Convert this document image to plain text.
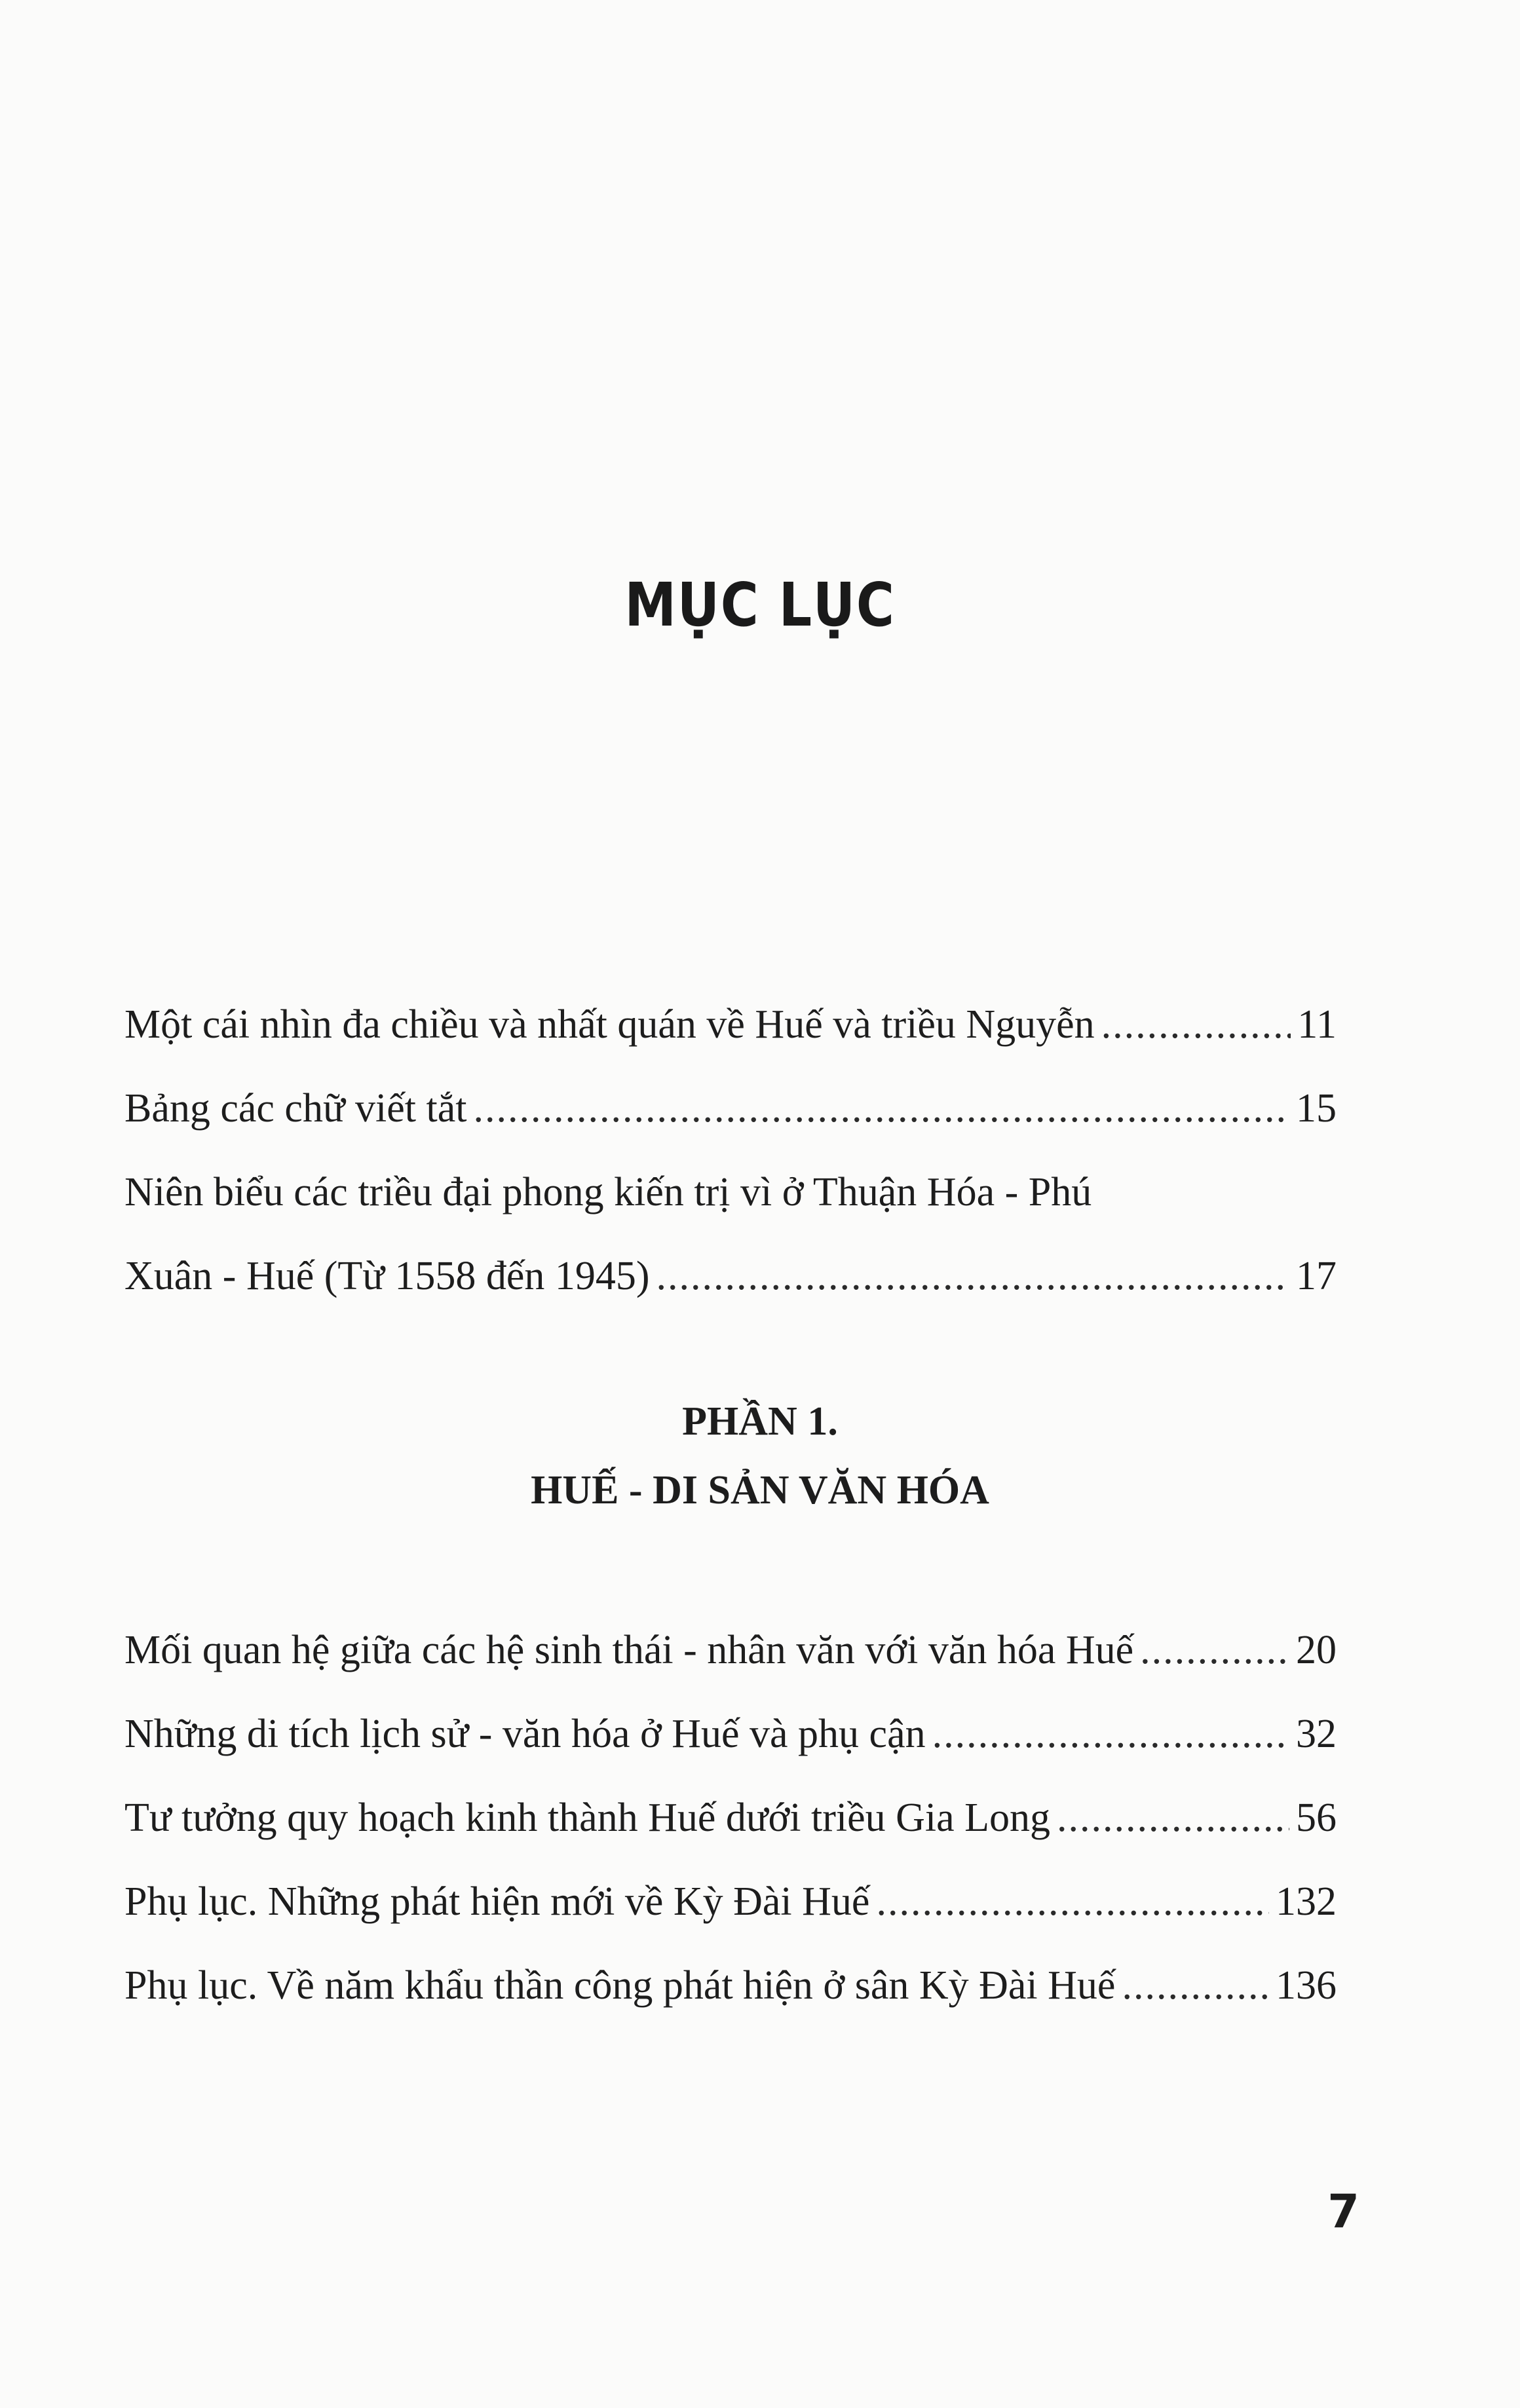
MỤC LỤC
Một cái nhìn đa chiều và nhất quán về Huế và triều Nguyễn .....	11
Bảng các chữ viết tắt .....	15
Niên biểu các triều đại phong kiến trị vì ở Thuận Hóa - Phú
Xuân - Huế (Từ 1558 đến 1945) .....	17
PHẦN 1.
HUẾ - DI SẢN VĂN HÓA
Mối quan hệ giữa các hệ sinh thái - nhân văn với văn hóa Huế .....	20
Những di tích lịch sử - văn hóa ở Huế và phụ cận .....	32
Tư tưởng quy hoạch kinh thành Huế dưới triều Gia Long .....	56
Phụ lục. Những phát hiện mới về Kỳ Đài Huế .....	132
Phụ lục. Về năm khẩu thần công phát hiện ở sân Kỳ Đài Huế .....	136
7
